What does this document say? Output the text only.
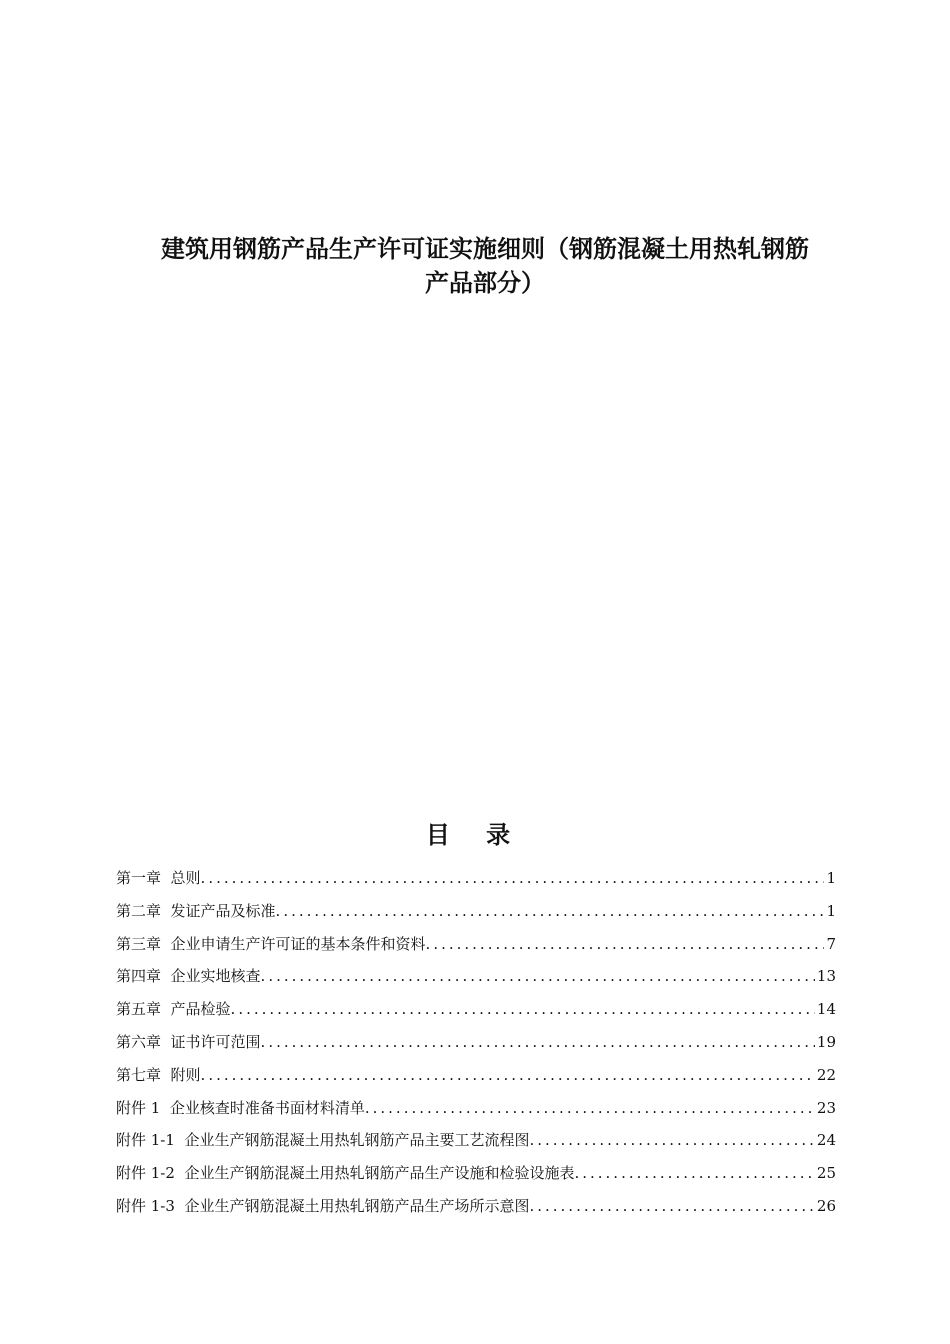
建筑用钢筋产品生产许可证实施细则（钢筋混凝土用热轧钢筋
产品部分）
目 录
第一章  总则 .....	1
第二章  发证产品及标准 .....	1
第三章  企业申请生产许可证的基本条件和资料 .....	7
第四章  企业实地核查 .....	13
第五章  产品检验 .....	14
第六章  证书许可范围 .....	19
第七章  附则 .....	22
附件 1  企业核查时准备书面材料清单 .....	23
附件 1-1  企业生产钢筋混凝土用热轧钢筋产品主要工艺流程图 .....	24
附件 1-2  企业生产钢筋混凝土用热轧钢筋产品生产设施和检验设施表 .....	25
附件 1-3  企业生产钢筋混凝土用热轧钢筋产品生产场所示意图 .....	26
